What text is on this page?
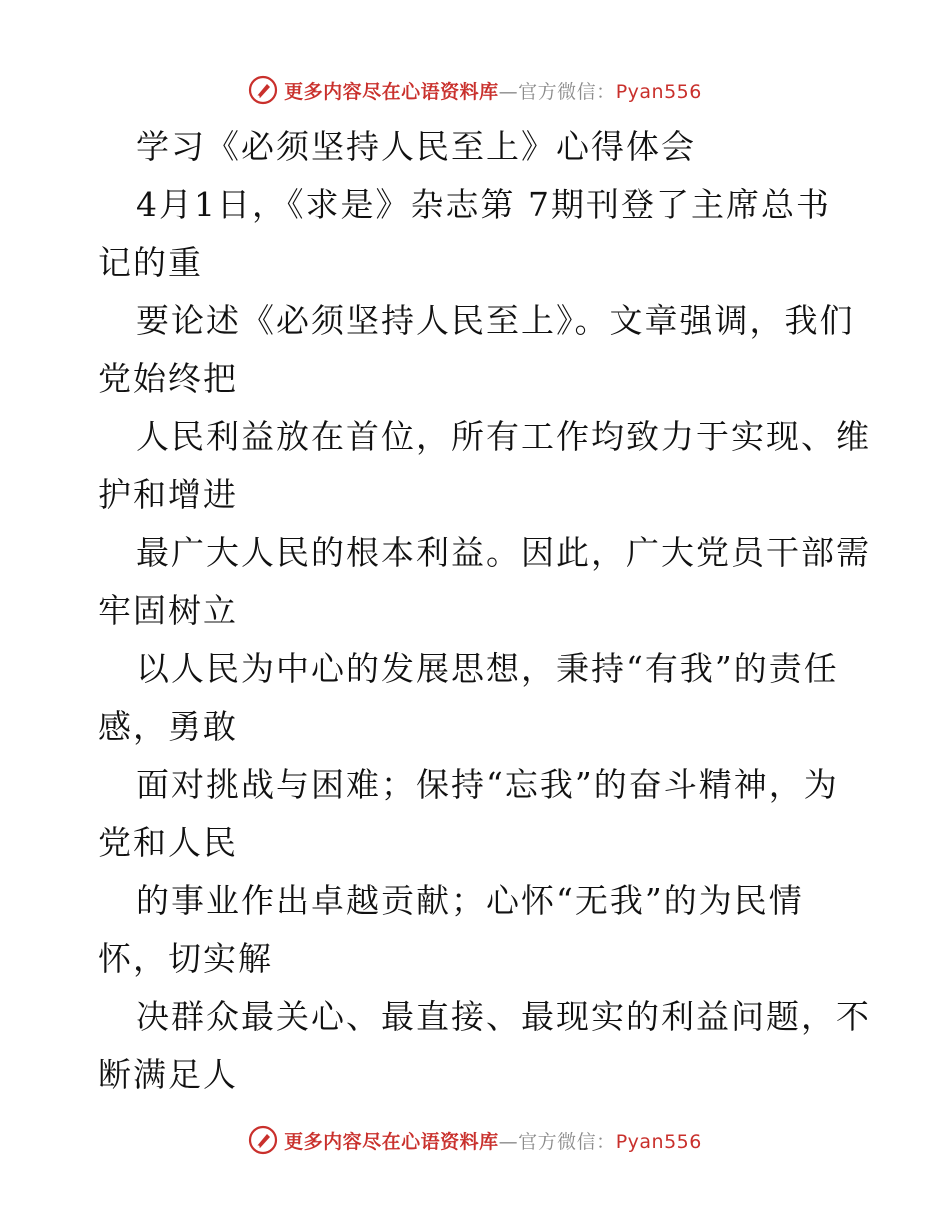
更多内容尽在心语资料库—官方微信：Pyan556
学习《必须坚持人民至上》心得体会
4月1日，《求是》杂志第 7期刊登了主席总书
记的重
要论述《必须坚持人民至上》。文章强调，我们
党始终把
人民利益放在首位，所有工作均致力于实现、维
护和增进
最广大人民的根本利益。因此，广大党员干部需
牢固树立
以人民为中心的发展思想，秉持“有我”的责任
感，勇敢
面对挑战与困难；保持“忘我”的奋斗精神，为
党和人民
的事业作出卓越贡献；心怀“无我”的为民情
怀，切实解
决群众最关心、最直接、最现实的利益问题，不
断满足人
更多内容尽在心语资料库—官方微信：Pyan556
